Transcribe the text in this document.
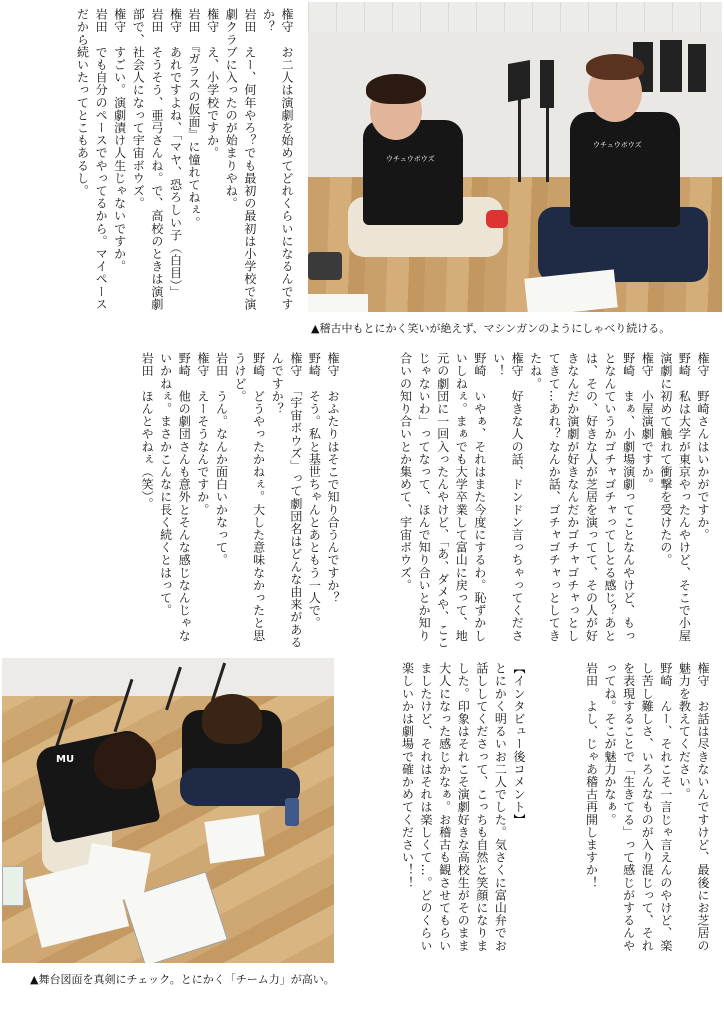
権守　お二人は演劇を始めてどれくらいになるんですか？
岩田　えー、何年やろ？でも最初の最初は小学校で演劇クラブに入ったのが始まりやね。
権守　え、小学校ですか。
岩田　『ガラスの仮面』に憧れてねぇ。
権守　あれですよね、「マヤ、恐ろしい子（白目）」
岩田　そうそう、亜弓さんね。で、高校のときは演劇部で、社会人になって宇宙ボウズ。
権守　すごい。演劇漬け人生じゃないですか。
岩田　でも自分のペースでやってるから。マイペースだから続いたってとこもあるし。	ウチュウボウズ
ウチュウボウズ
▲稽古中もとにかく笑いが絶えず、マシンガンのようにしゃべり続ける。
権守　野崎さんはいかがですか。
野崎　私は大学が東京やったんやけど、そこで小屋演劇に初めて触れて衝撃を受けたの。
権守　小屋演劇ですか。
野崎　まぁ、小劇場演劇ってことなんやけど、もっとなんていうかゴチャゴチャってしとる感じ？あとは、その、好きな人が芝居を演ってて、その人が好きなんだか演劇が好きなんだかゴチャゴチャっとしてきて…あれ？なんか話、ゴチャゴチャっとしてきたね。
権守　好きな人の話、ドンドン言っちゃってください！
野崎　いやぁ、それはまた今度にするわ。恥ずかしいしねぇ。まぁでも大学卒業して富山に戻って、地元の劇団に一回入ったんやけど、「あ、ダメや、ここじゃないわ」ってなって、ほんで知り合いとか知り合いの知り合いとか集めて、宇宙ボウズ。
権守　おふたりはそこで知り合うんですか？
野崎　そう。私と基世ちゃんとあともう一人で。
権守　「宇宙ボウズ」って劇団名はどんな由来があるんですか？
野崎　どうやったかねぇ。大した意味なかったと思うけど。
岩田　うん。なんか面白いかなって。
権守　えーそうなんですか。
野崎　他の劇団さんも意外とそんな感じなんじゃないかねぇ。まさかこんなに長く続くとはって。
岩田　ほんとやねぇ（笑）。
権守　お話は尽きないんですけど、最後にお芝居の魅力を教えてください。
野崎　んー、それこそ一言じゃ言えんのやけど、楽し苦し難しさ、いろんなものが入り混じって、それを表現することで「生きてる」って感じがするんやってね。そこが魅力かなぁ。
岩田　よし、じゃあ稽古再開しますか！
【インタビュー後コメント】
とにかく明るいお二人でした。気さくに富山弁でお話ししてくださって、こっちも自然と笑顔になりました。印象はそれこそ演劇好きな高校生がそのまま大人になった感じかなぁ。お稽古も観させてもらいましたけど、それはそれは楽しくて…。どのくらい楽しいかは劇場で確かめてください！！
MU
▲舞台図面を真剣にチェック。とにかく「チーム力」が高い。
